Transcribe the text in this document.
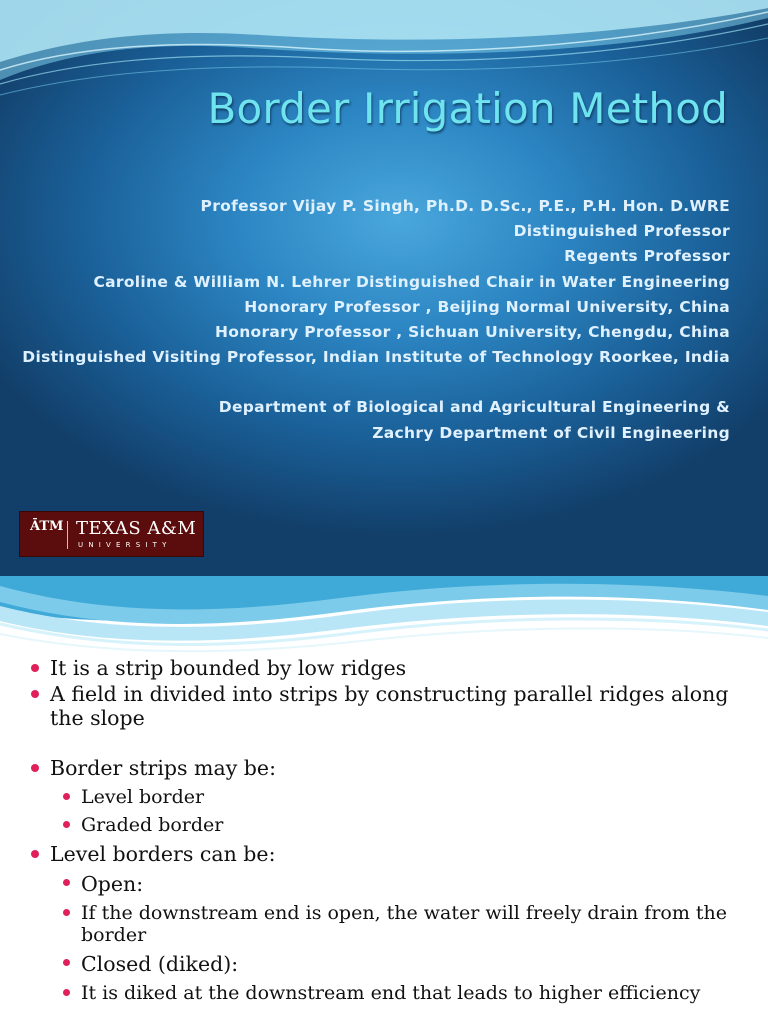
Border Irrigation Method
Professor Vijay P. Singh, Ph.D. D.Sc., P.E., P.H. Hon. D.WRE
Distinguished Professor
Regents Professor
Caroline & William N. Lehrer Distinguished Chair in Water Engineering
Honorary Professor , Beijing Normal University, China
Honorary Professor , Sichuan University, Chengdu, China
Distinguished Visiting Professor, Indian Institute of Technology Roorkee, India
Department of Biological and Agricultural Engineering &
Zachry Department of Civil Engineering
ĀTM TEXAS A&M
UNIVERSITY
It is a strip bounded by low ridges
A field in divided into strips by constructing parallel ridges along the slope
Border strips may be:
Level border
Graded border
Level borders can be:
Open:
If the downstream end is open, the water will freely drain from the border
Closed (diked):
It is diked at the downstream end that leads to higher efficiency
